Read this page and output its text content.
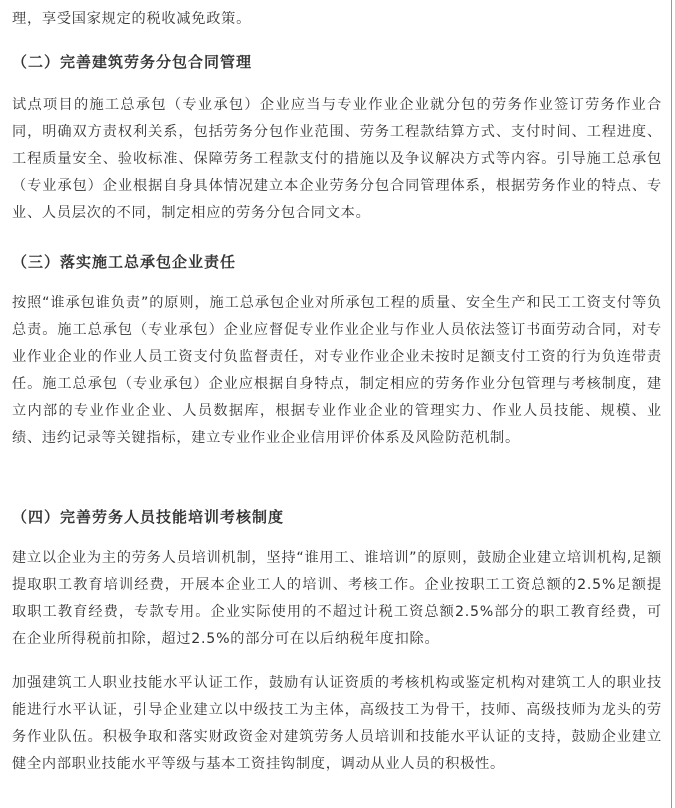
理，享受国家规定的税收减免政策。

（二）完善建筑劳务分包合同管理

试点项目的施工总承包（专业承包）企业应当与专业作业企业就分包的劳务作业签订劳务作业合同，明确双方责权利关系，包括劳务分包作业范围、劳务工程款结算方式、支付时间、工程进度、工程质量安全、验收标准、保障劳务工程款支付的措施以及争议解决方式等内容。引导施工总承包（专业承包）企业根据自身具体情况建立本企业劳务分包合同管理体系，根据劳务作业的特点、专业、人员层次的不同，制定相应的劳务分包合同文本。

（三）落实施工总承包企业责任

按照“谁承包谁负责”的原则，施工总承包企业对所承包工程的质量、安全生产和民工工资支付等负总责。施工总承包（专业承包）企业应督促专业作业企业与作业人员依法签订书面劳动合同，对专业作业企业的作业人员工资支付负监督责任，对专业作业企业未按时足额支付工资的行为负连带责任。施工总承包（专业承包）企业应根据自身特点，制定相应的劳务作业分包管理与考核制度，建立内部的专业作业企业、人员数据库，根据专业作业企业的管理实力、作业人员技能、规模、业绩、违约记录等关键指标，建立专业作业企业信用评价体系及风险防范机制。

（四）完善劳务人员技能培训考核制度

建立以企业为主的劳务人员培训机制，坚持“谁用工、谁培训”的原则，鼓励企业建立培训机构,足额提取职工教育培训经费，开展本企业工人的培训、考核工作。企业按职工工资总额的2.5%足额提取职工教育经费，专款专用。企业实际使用的不超过计税工资总额2.5%部分的职工教育经费，可在企业所得税前扣除，超过2.5%的部分可在以后纳税年度扣除。

加强建筑工人职业技能水平认证工作，鼓励有认证资质的考核机构或鉴定机构对建筑工人的职业技能进行水平认证，引导企业建立以中级技工为主体，高级技工为骨干，技师、高级技师为龙头的劳务作业队伍。积极争取和落实财政资金对建筑劳务人员培训和技能水平认证的支持，鼓励企业建立健全内部职业技能水平等级与基本工资挂钩制度，调动从业人员的积极性。
